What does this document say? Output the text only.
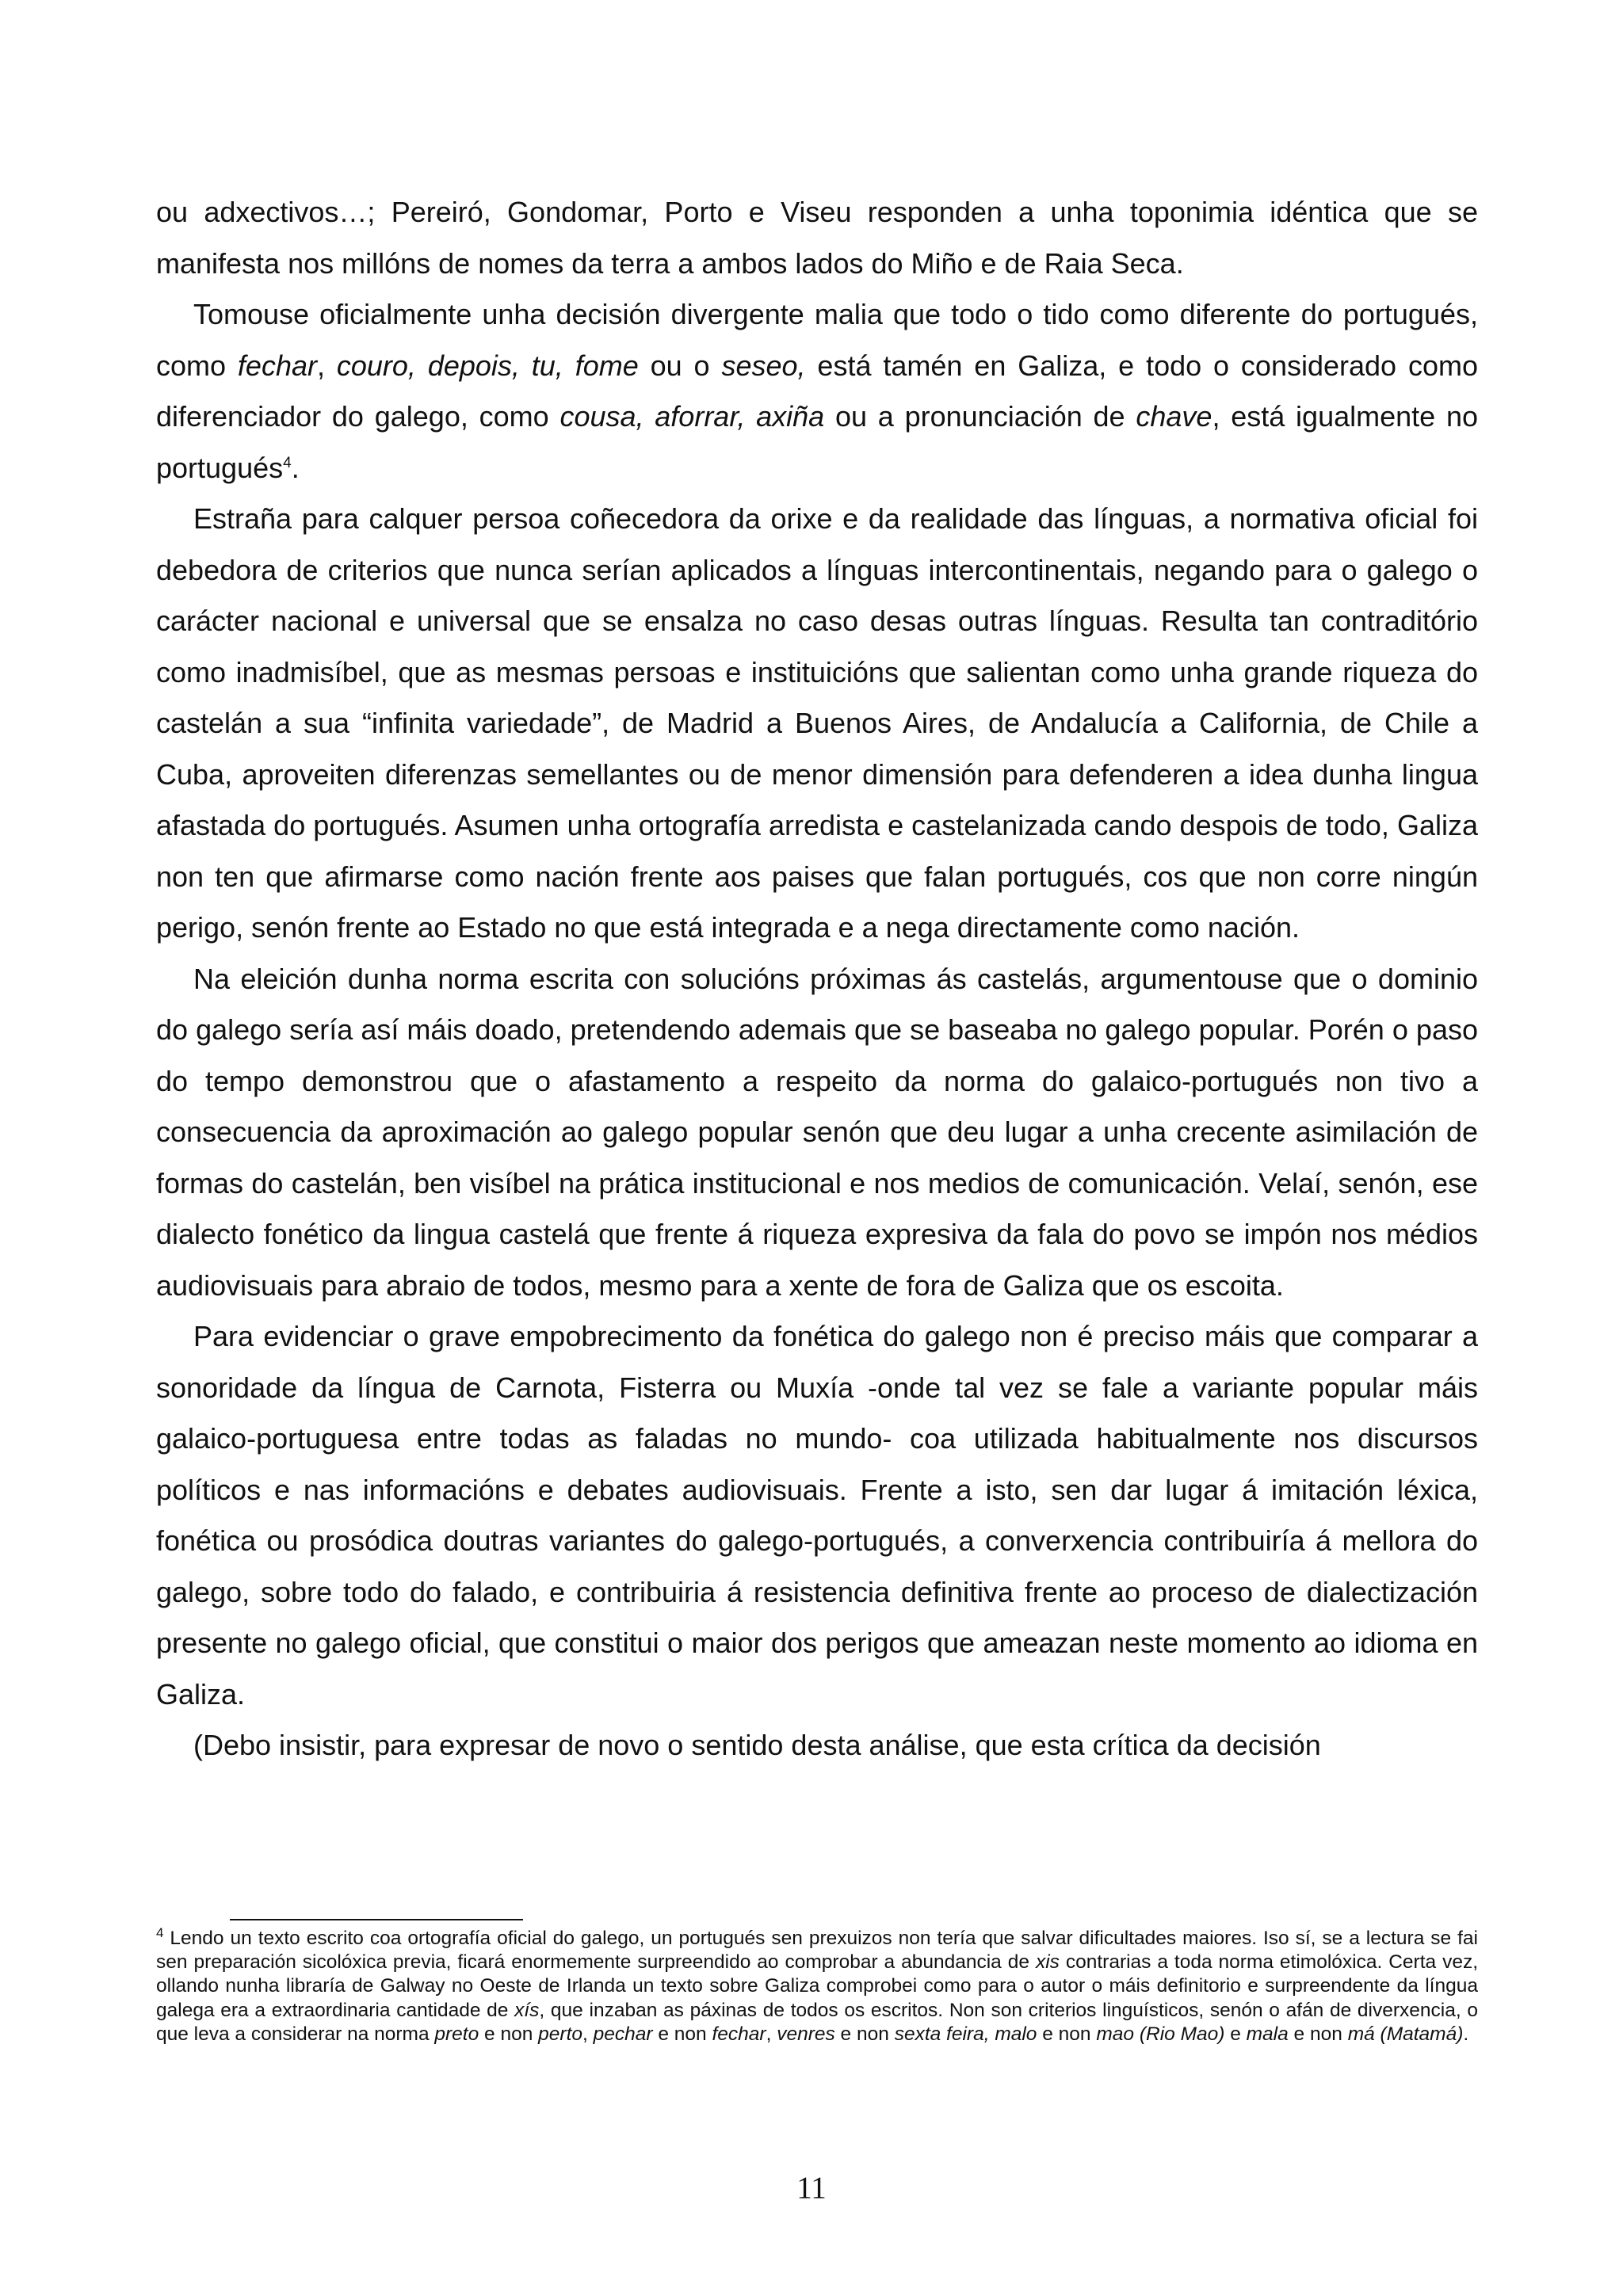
ou adxectivos…; Pereiró, Gondomar, Porto e Viseu responden a unha toponimia idéntica que se manifesta nos millóns de nomes da terra a ambos lados do Miño e de Raia Seca.

Tomouse oficialmente unha decisión divergente malia que todo o tido como diferente do portugués, como fechar, couro, depois, tu, fome ou o seseo, está tamén en Galiza, e todo o considerado como diferenciador do galego, como cousa, aforrar, axiña ou a pronunciación de chave, está igualmente no portugués$^4$.

Estraña para calquer persoa coñecedora da orixe e da realidade das línguas, a normativa oficial foi debedora de criterios que nunca serían aplicados a línguas intercontinentais, negando para o galego o carácter nacional e universal que se ensalza no caso desas outras línguas. Resulta tan contraditório como inadmisíbel, que as mesmas persoas e instituicións que salientan como unha grande riqueza do castelán a sua “infinita variedade”, de Madrid a Buenos Aires, de Andalucía a California, de Chile a Cuba, aproveiten diferenzas semellantes ou de menor dimensión para defenderen a idea dunha lingua afastada do portugués. Asumen unha ortografía arredista e castelanizada cando despois de todo, Galiza non ten que afirmarse como nación frente aos paises que falan portugués, cos que non corre ningún perigo, senón frente ao Estado no que está integrada e a nega directamente como nación.

Na eleición dunha norma escrita con solucións próximas ás castelás, argumentouse que o dominio do galego sería así máis doado, pretendendo ademais que se baseaba no galego popular. Porén o paso do tempo demonstrou que o afastamento a respeito da norma do galaico-portugués non tivo a consecuencia da aproximación ao galego popular senón que deu lugar a unha crecente asimilación de formas do castelán, ben visíbel na prática institucional e nos medios de comunicación. Velaí, senón, ese dialecto fonético da lingua castelá que frente á riqueza expresiva da fala do povo se impón nos médios audiovisuais para abraio de todos, mesmo para a xente de fora de Galiza que os escoita.

Para evidenciar o grave empobrecimento da fonética do galego non é preciso máis que comparar a sonoridade da língua de Carnota, Fisterra ou Muxía -onde tal vez se fale a variante popular máis galaico-portuguesa entre todas as faladas no mundo- coa utilizada habitualmente nos discursos políticos e nas informacións e debates audiovisuais. Frente a isto, sen dar lugar á imitación léxica, fonética ou prosódica doutras variantes do galego-portugués, a converxencia contribuiría á mellora do galego, sobre todo do falado, e contribuiria á resistencia definitiva frente ao proceso de dialectización presente no galego oficial, que constitui o maior dos perigos que ameazan neste momento ao idioma en Galiza.

(Debo insistir, para expresar de novo o sentido desta análise, que esta crítica da decisión

$^4$ Lendo un texto escrito coa ortografía oficial do galego, un portugués sen prexuizos non tería que salvar dificultades maiores. Iso sí, se a lectura se fai sen preparación sicolóxica previa, ficará enormemente surpreendido ao comprobar a abundancia de xis contrarias a toda norma etimolóxica. Certa vez, ollando nunha libraría de Galway no Oeste de Irlanda un texto sobre Galiza comprobei como para o autor o máis definitorio e surpreendente da língua galega era a extraordinaria cantidade de xís, que inzaban as páxinas de todos os escritos. Non son criterios linguísticos, senón o afán de diverxencia, o que leva a considerar na norma preto e non perto, pechar e non fechar, venres e non sexta feira, malo e non mao (Rio Mao) e mala e non má (Matamá).

11
